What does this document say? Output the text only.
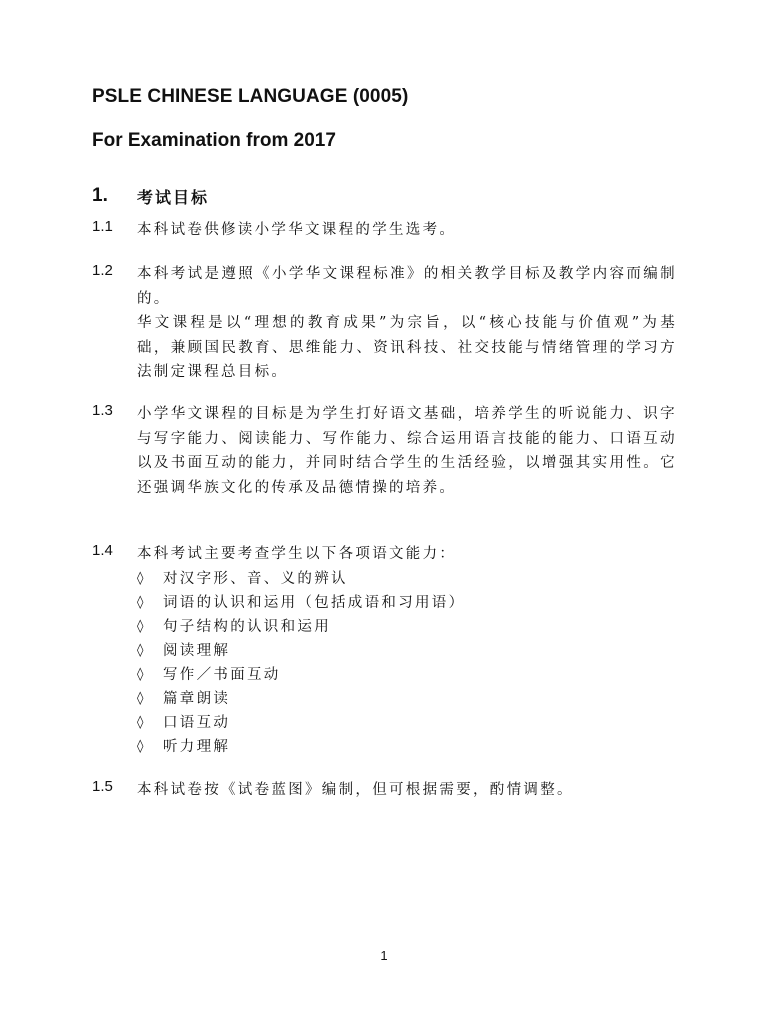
PSLE CHINESE LANGUAGE (0005)
For Examination from 2017
1. 考试目标
1.1 本科试卷供修读小学华文课程的学生选考。

1.2 本科考试是遵照《小学华文课程标准》的相关教学目标及教学内容而编制的。

华文课程是以“理想的教育成果”为宗旨，以“核心技能与价值观”为基础，兼顾国民教育、思维能力、资讯科技、社交技能与情绪管理的学习方法制定课程总目标。

1.3 小学华文课程的目标是为学生打好语文基础，培养学生的听说能力、识字与写字能力、阅读能力、写作能力、综合运用语言技能的能力、口语互动以及书面互动的能力，并同时结合学生的生活经验，以增强其实用性。它还强调华族文化的传承及品德情操的培养。

1.4 本科考试主要考查学生以下各项语文能力：

◊ 对汉字形、音、义的辨认
◊ 词语的认识和运用（包括成语和习用语）
◊ 句子结构的认识和运用
◊ 阅读理解
◊ 写作／书面互动
◊ 篇章朗读
◊ 口语互动
◊ 听力理解
1.5 本科试卷按《试卷蓝图》编制，但可根据需要，酌情调整。

1
